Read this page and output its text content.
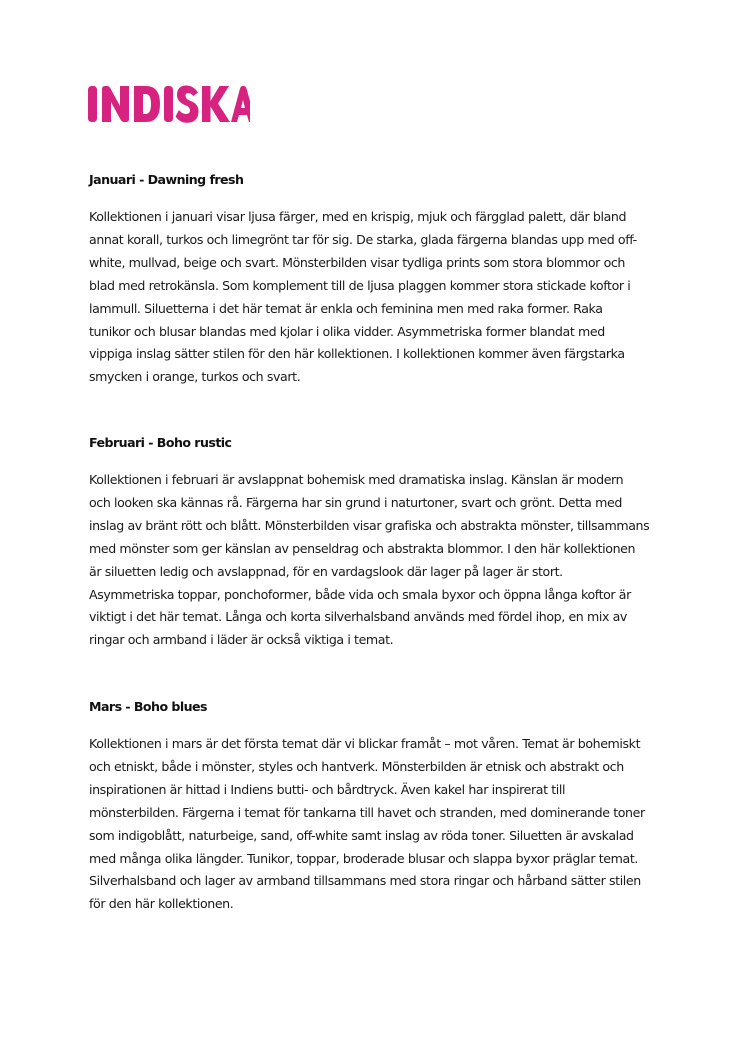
INDISKA
Januari - Dawning fresh

Kollektionen i januari visar ljusa färger, med en krispig, mjuk och färgglad palett, där bland
annat korall, turkos och limegrönt tar för sig. De starka, glada färgerna blandas upp med off-
white, mullvad, beige och svart. Mönsterbilden visar tydliga prints som stora blommor och
blad med retrokänsla. Som komplement till de ljusa plaggen kommer stora stickade koftor i
lammull. Siluetterna i det här temat är enkla och feminina men med raka former. Raka
tunikor och blusar blandas med kjolar i olika vidder. Asymmetriska former blandat med
vippiga inslag sätter stilen för den här kollektionen. I kollektionen kommer även färgstarka
smycken i orange, turkos och svart.

Februari - Boho rustic

Kollektionen i februari är avslappnat bohemisk med dramatiska inslag. Känslan är modern
och looken ska kännas rå. Färgerna har sin grund i naturtoner, svart och grönt. Detta med
inslag av bränt rött och blått. Mönsterbilden visar grafiska och abstrakta mönster, tillsammans
med mönster som ger känslan av penseldrag och abstrakta blommor. I den här kollektionen
är siluetten ledig och avslappnad, för en vardagslook där lager på lager är stort.
Asymmetriska toppar, ponchoformer, både vida och smala byxor och öppna långa koftor är
viktigt i det här temat. Långa och korta silverhalsband används med fördel ihop, en mix av
ringar och armband i läder är också viktiga i temat.

Mars - Boho blues

Kollektionen i mars är det första temat där vi blickar framåt – mot våren. Temat är bohemiskt
och etniskt, både i mönster, styles och hantverk. Mönsterbilden är etnisk och abstrakt och
inspirationen är hittad i Indiens butti- och bårdtryck. Även kakel har inspirerat till
mönsterbilden. Färgerna i temat för tankarna till havet och stranden, med dominerande toner
som indigoblått, naturbeige, sand, off-white samt inslag av röda toner. Siluetten är avskalad
med många olika längder. Tunikor, toppar, broderade blusar och slappa byxor präglar temat.
Silverhalsband och lager av armband tillsammans med stora ringar och hårband sätter stilen
för den här kollektionen.
